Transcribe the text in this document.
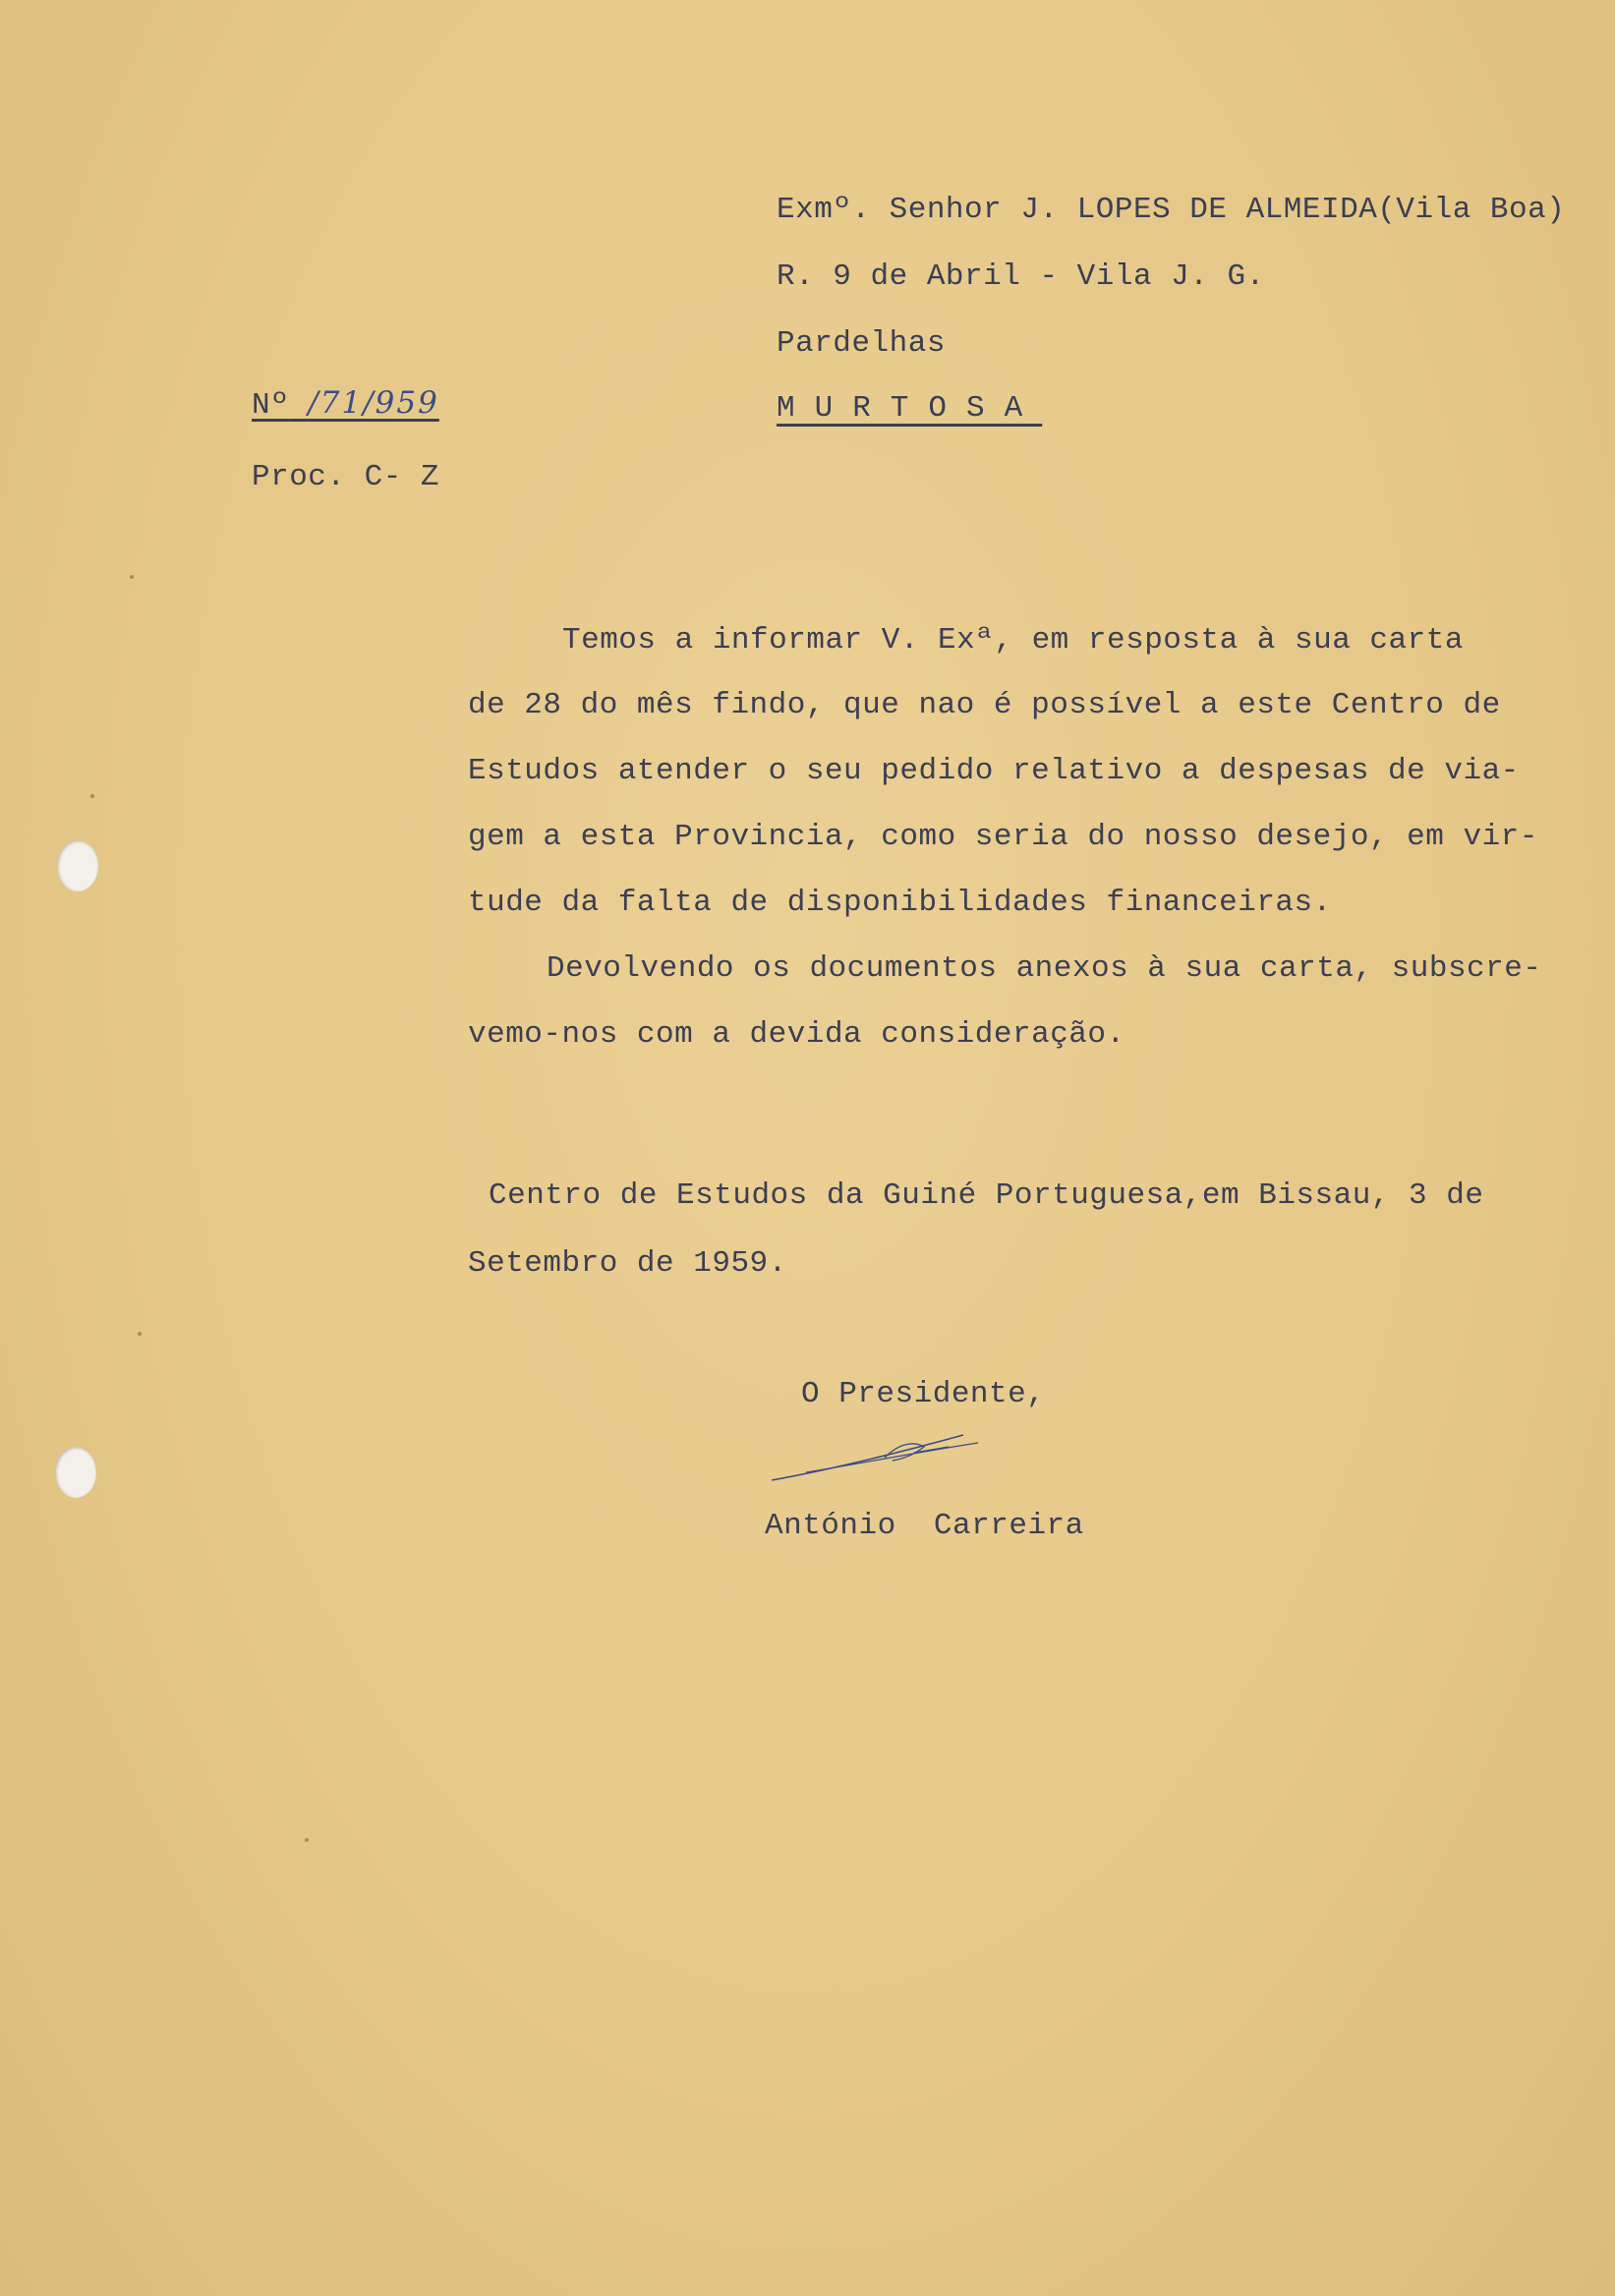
Exmº. Senhor J. LOPES DE ALMEIDA(Vila Boa)
R. 9 de Abril - Vila J. G.
Pardelhas
MURTOSA
Nº /71/959
Proc. C- Z
Temos a informar V. Exª, em resposta à sua carta
de 28 do mês findo, que nao é possível a este Centro de
Estudos atender o seu pedido relativo a despesas de via-
gem a esta Provincia, como seria do nosso desejo, em vir-
tude da falta de disponibilidades financeiras.
Devolvendo os documentos anexos à sua carta, subscre-
vemo-nos com a devida consideração.
Centro de Estudos da Guiné Portuguesa,em Bissau, 3 de
Setembro de 1959.
O Presidente,
António  Carreira
